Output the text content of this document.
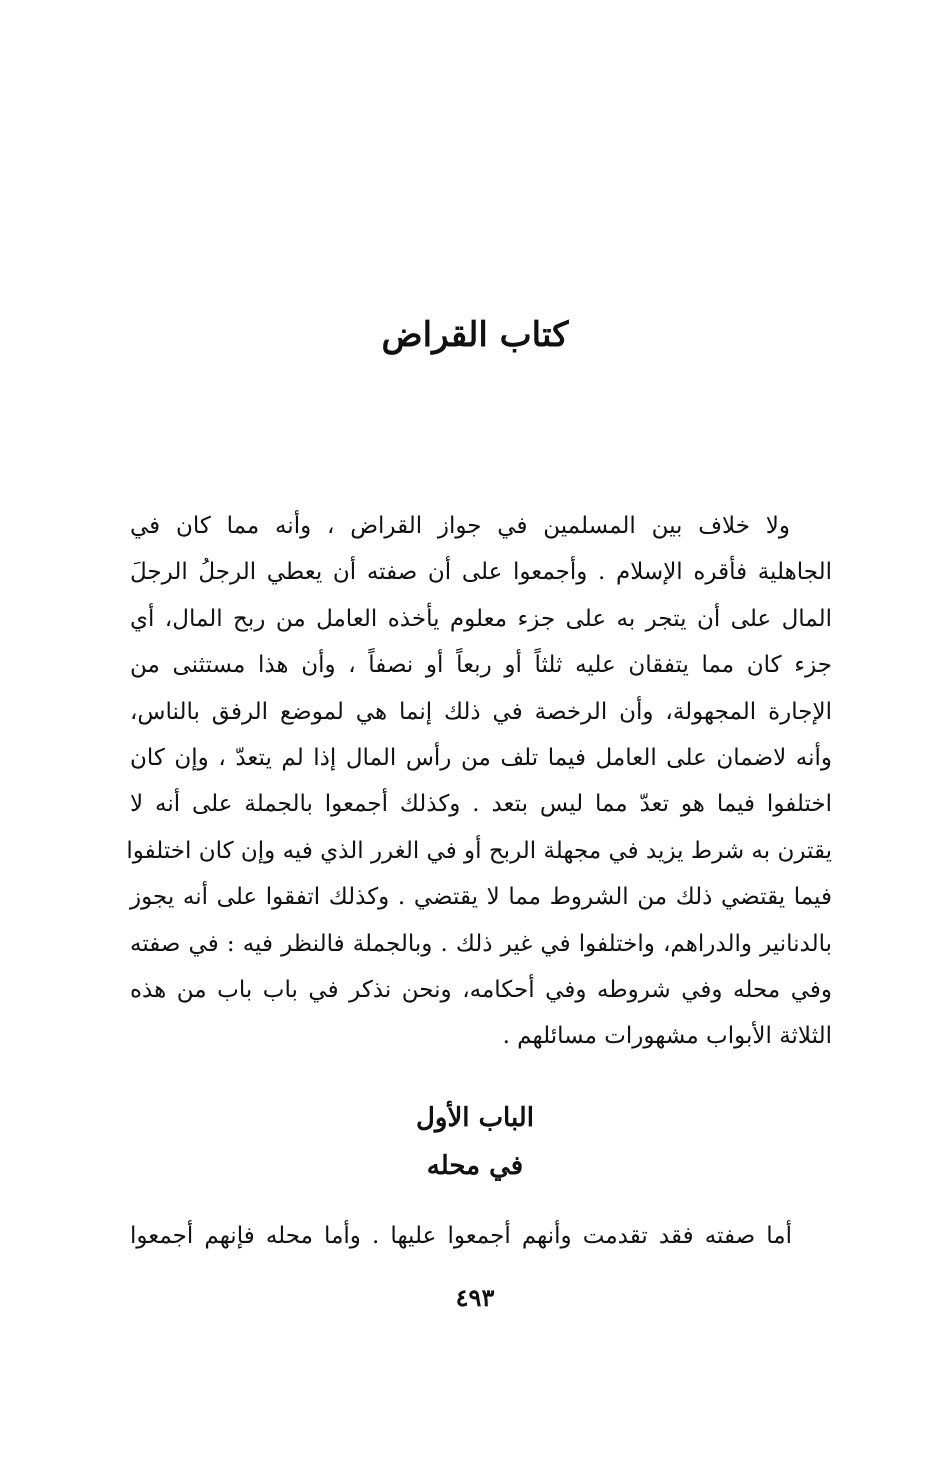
كتاب القراض
ولا خلاف بين المسلمين في جواز القراض ، وأنه مما كان في
الجاهلية فأقره الإسلام . وأجمعوا على أن صفته أن يعطي الرجلُ الرجلَ
المال على أن يتجر به على جزء معلوم يأخذه العامل من ربح المال، أي
جزء كان مما يتفقان عليه ثلثاً أو ربعاً أو نصفاً ، وأن هذا مستثنى من
الإجارة المجهولة، وأن الرخصة في ذلك إنما هي لموضع الرفق بالناس،
وأنه لاضمان على العامل فيما تلف من رأس المال إذا لم يتعدّ ، وإن كان
اختلفوا فيما هو تعدّ مما ليس بتعد . وكذلك أجمعوا بالجملة على أنه لا
يقترن به شرط يزيد في مجهلة الربح أو في الغرر الذي فيه وإن كان اختلفوا
فيما يقتضي ذلك من الشروط مما لا يقتضي . وكذلك اتفقوا على أنه يجوز
بالدنانير والدراهم، واختلفوا في غير ذلك . وبالجملة فالنظر فيه : في صفته
وفي محله وفي شروطه وفي أحكامه، ونحن نذكر في باب باب من هذه
الثلاثة الأبواب مشهورات مسائلهم .
الباب الأول
في محله
أما صفته فقد تقدمت وأنهم أجمعوا عليها . وأما محله فإنهم أجمعوا
٤٩٣
